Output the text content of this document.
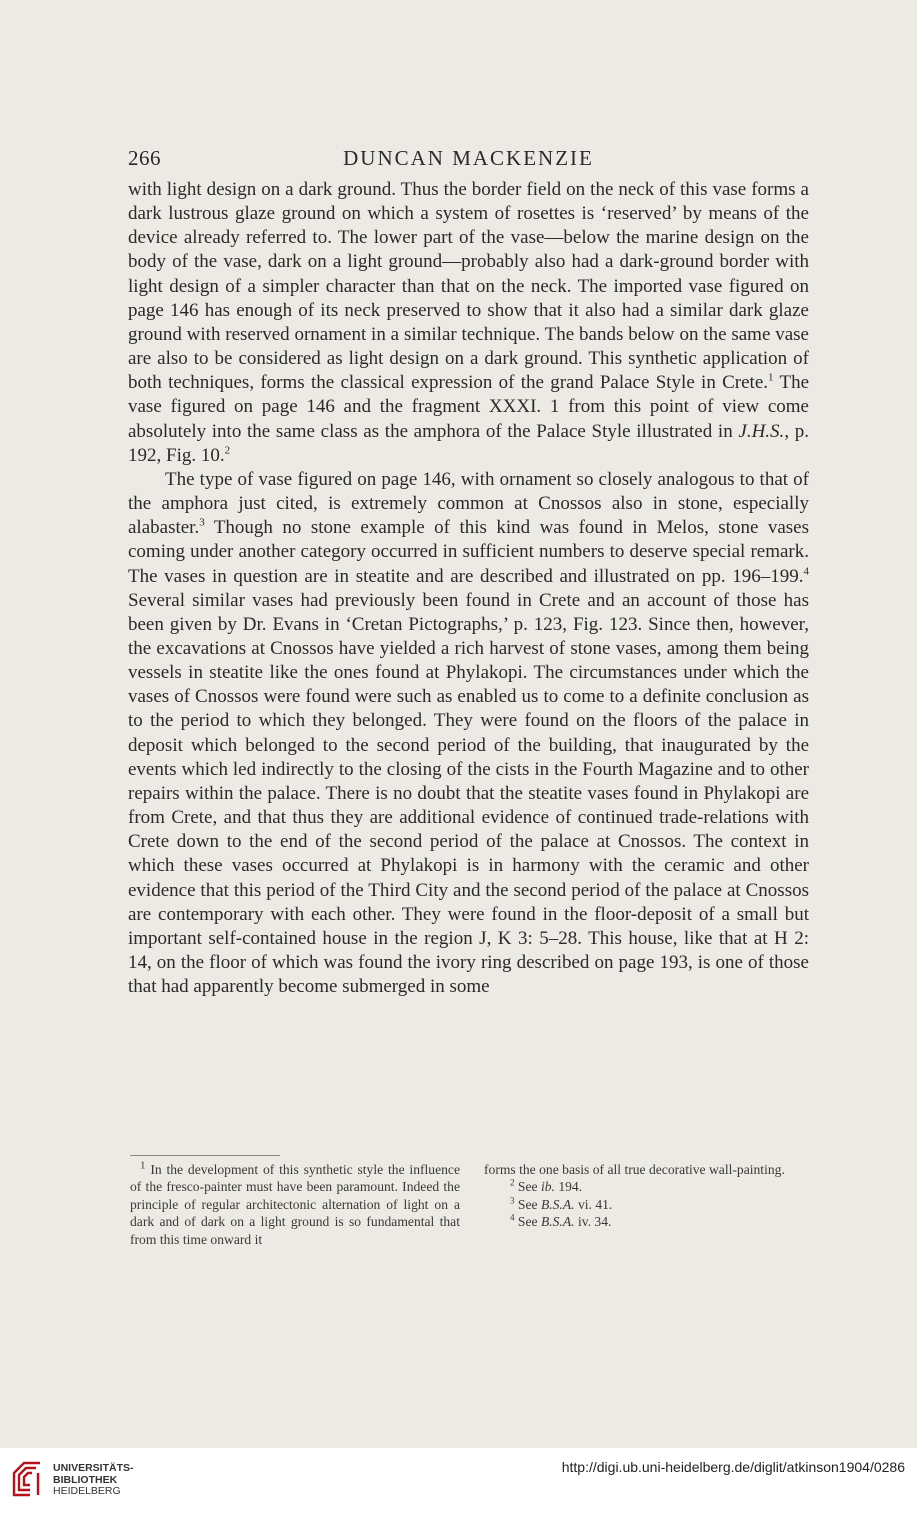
266	DUNCAN MACKENZIE

with light design on a dark ground. Thus the border field on the neck of this vase forms a dark lustrous glaze ground on which a system of rosettes is ‘reserved’ by means of the device already referred to. The lower part of the vase—below the marine design on the body of the vase, dark on a light ground—probably also had a dark-ground border with light design of a simpler character than that on the neck. The imported vase figured on page 146 has enough of its neck preserved to show that it also had a similar dark glaze ground with reserved ornament in a similar technique. The bands below on the same vase are also to be considered as light design on a dark ground. This synthetic application of both techniques, forms the classical expression of the grand Palace Style in Crete.$^1$ The vase figured on page 146 and the fragment XXXI. 1 from this point of view come absolutely into the same class as the amphora of the Palace Style illustrated in J.H.S., p. 192, Fig. 10.$^2$

The type of vase figured on page 146, with ornament so closely analogous to that of the amphora just cited, is extremely common at Cnossos also in stone, especially alabaster.$^3$ Though no stone example of this kind was found in Melos, stone vases coming under another category occurred in sufficient numbers to deserve special remark. The vases in question are in steatite and are described and illustrated on pp. 196–199.$^4$ Several similar vases had previously been found in Crete and an account of those has been given by Dr. Evans in ‘Cretan Pictographs,’ p. 123, Fig. 123. Since then, however, the excavations at Cnossos have yielded a rich harvest of stone vases, among them being vessels in steatite like the ones found at Phylakopi. The circumstances under which the vases of Cnossos were found were such as enabled us to come to a definite conclusion as to the period to which they belonged. They were found on the floors of the palace in deposit which belonged to the second period of the building, that inaugurated by the events which led indirectly to the closing of the cists in the Fourth Magazine and to other repairs within the palace. There is no doubt that the steatite vases found in Phylakopi are from Crete, and that thus they are additional evidence of continued trade-relations with Crete down to the end of the second period of the palace at Cnossos. The context in which these vases occurred at Phylakopi is in harmony with the ceramic and other evidence that this period of the Third City and the second period of the palace at Cnossos are contemporary with each other. They were found in the floor-deposit of a small but important self-contained house in the region J, K 3: 5–28. This house, like that at H 2: 14, on the floor of which was found the ivory ring described on page 193, is one of those that had apparently become submerged in some

$^1$ In the development of this synthetic style the influence of the fresco-painter must have been paramount. Indeed the principle of regular architectonic alternation of light on a dark and of dark on a light ground is so fundamental that from this time onward it

forms the one basis of all true decorative wall-painting.

$^2$ See ib. 194.

$^3$ See B.S.A. vi. 41.

$^4$ See B.S.A. iv. 34.

UNIVERSITÄTS-
BIBLIOTHEK
HEIDELBERG
http://digi.ub.uni-heidelberg.de/diglit/atkinson1904/0286
